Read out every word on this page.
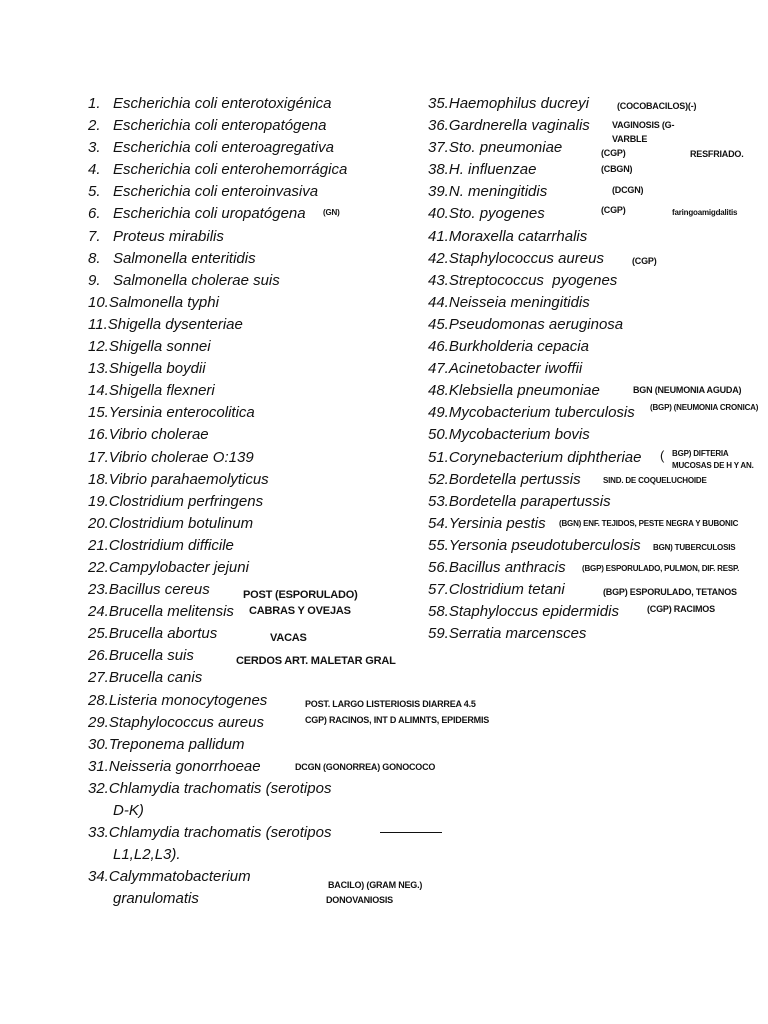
1. Escherichia coli enterotoxigénica
2. Escherichia coli enteropatógena
3. Escherichia coli enteroagregativa
4. Escherichia coli enterohemorrágica
5. Escherichia coli enteroinvasiva
6. Escherichia coli uropatógena
7. Proteus mirabilis
8. Salmonella enteritidis
9. Salmonella cholerae suis
10.Salmonella typhi
11.Shigella dysenteriae
12.Shigella sonnei
13.Shigella boydii
14.Shigella flexneri
15.Yersinia enterocolitica
16.Vibrio cholerae
17.Vibrio cholerae O:139
18.Vibrio parahaemolyticus
19.Clostridium perfringens
20.Clostridium botulinum
21.Clostridium difficile
22.Campylobacter jejuni
23.Bacillus cereus
24.Brucella melitensis
25.Brucella abortus
26.Brucella suis
27.Brucella canis
28.Listeria monocytogenes
29.Staphylococcus aureus
30.Treponema pallidum
31.Neisseria gonorrhoeae
32.Chlamydia trachomatis (serotipos
D-K)
33.Chlamydia trachomatis (serotipos
L1,L2,L3).
34.Calymmatobacterium
granulomatis
35.Haemophilus ducreyi
36.Gardnerella vaginalis
37.Sto. pneumoniae
38.H. influenzae
39.N. meningitidis
40.Sto. pyogenes
41.Moraxella catarrhalis
42.Staphylococcus aureus
43.Streptococcus  pyogenes
44.Neisseia meningitidis
45.Pseudomonas aeruginosa
46.Burkholderia cepacia
47.Acinetobacter iwoffii
48.Klebsiella pneumoniae
49.Mycobacterium tuberculosis
50.Mycobacterium bovis
51.Corynebacterium diphtheriae
52.Bordetella pertussis
53.Bordetella parapertussis
54.Yersinia pestis
55.Yersonia pseudotuberculosis
56.Bacillus anthracis
57.Clostridium tetani
58.Staphyloccus epidermidis
59.Serratia marcensces
(GN)
POST (ESPORULADO)
CABRAS Y OVEJAS
VACAS
CERDOS ART. MALETAR GRAL
POST. LARGO LISTERIOSIS DIARREA 4.5
CGP) RACINOS, INT D ALIMNTS, EPIDERMIS
DCGN (GONORREA) GONOCOCO
BACILO) (GRAM NEG.)
DONOVANIOSIS
(COCOBACILOS)(-)
VAGINOSIS (G-
VARBLE
(CGP)	RESFRIADO.
(CBGN)
(DCGN)
(CGP)	faringoamigdalitis
(CGP)
BGN (NEUMONIA AGUDA)
(BGP) (NEUMONIA CRONICA)
( BGP) DIFTERIA
MUCOSAS DE H Y AN.
SIND. DE COQUELUCHOIDE
(BGN) ENF. TEJIDOS, PESTE NEGRA Y BUBONIC
BGN) TUBERCULOSIS
(BGP) ESPORULADO, PULMON, DIF. RESP.
(BGP) ESPORULADO, TETANOS
(CGP) RACIMOS
